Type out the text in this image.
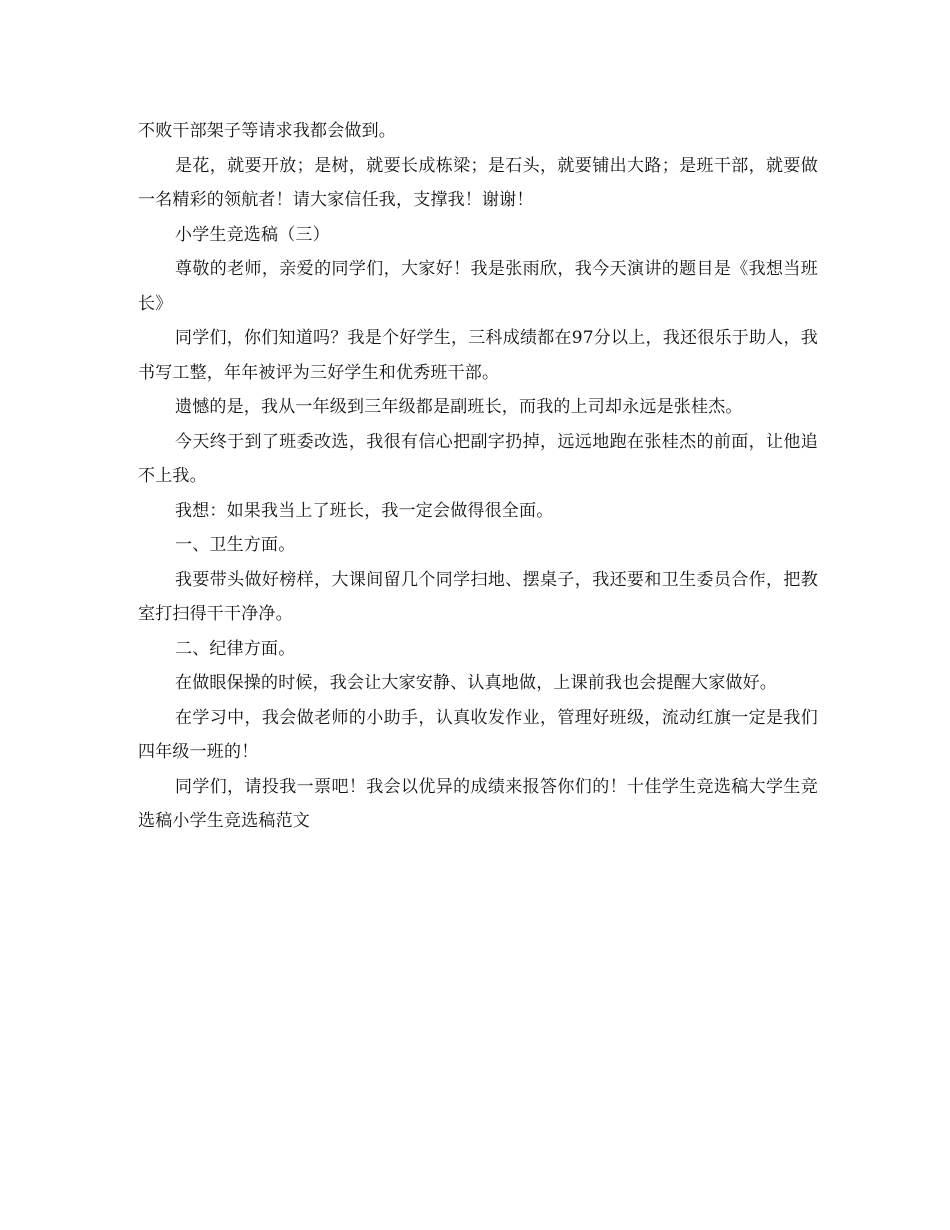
不败干部架子等请求我都会做到。

是花，就要开放；是树，就要长成栋梁；是石头，就要铺出大路；是班干部，就要做一名精彩的领航者！请大家信任我，支撑我！谢谢！

小学生竞选稿（三）

尊敬的老师，亲爱的同学们，大家好！我是张雨欣，我今天演讲的题目是《我想当班长》

同学们，你们知道吗？我是个好学生，三科成绩都在97分以上，我还很乐于助人，我书写工整，年年被评为三好学生和优秀班干部。

遗憾的是，我从一年级到三年级都是副班长，而我的上司却永远是张桂杰。

今天终于到了班委改选，我很有信心把副字扔掉，远远地跑在张桂杰的前面，让他追不上我。

我想：如果我当上了班长，我一定会做得很全面。

一、卫生方面。

我要带头做好榜样，大课间留几个同学扫地、摆桌子，我还要和卫生委员合作，把教室打扫得干干净净。

二、纪律方面。

在做眼保操的时候，我会让大家安静、认真地做，上课前我也会提醒大家做好。

在学习中，我会做老师的小助手，认真收发作业，管理好班级，流动红旗一定是我们四年级一班的！

同学们，请投我一票吧！我会以优异的成绩来报答你们的！十佳学生竞选稿大学生竞选稿小学生竞选稿范文
